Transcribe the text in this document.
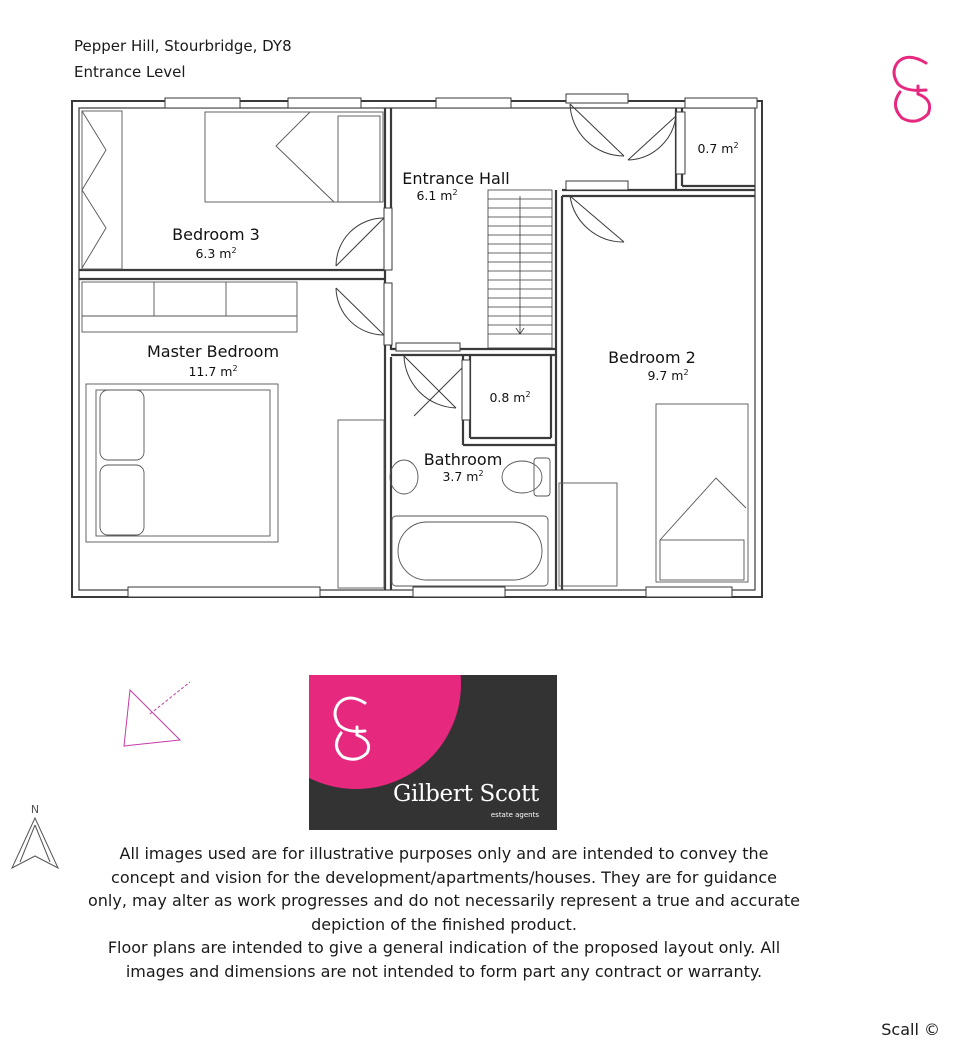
Pepper Hill, Stourbridge, DY8
Entrance Level
Bedroom 3
6.3 $m^2$
Entrance Hall
6.1 $m^2$
0.7 $m^2$
Master Bedroom
11.7 $m^2$
0.8 $m^2$
Bathroom
3.7 $m^2$
Bedroom 2
9.7 $m^2$
N
Gilbert Scott
estate agents
All images used are for illustrative purposes only and are intended to convey the
concept and vision for the development/apartments/houses. They are for guidance
only, may alter as work progresses and do not necessarily represent a true and accurate
depiction of the finished product.
Floor plans are intended to give a general indication of the proposed layout only. All
images and dimensions are not intended to form part any contract or warranty.
Scall ©
